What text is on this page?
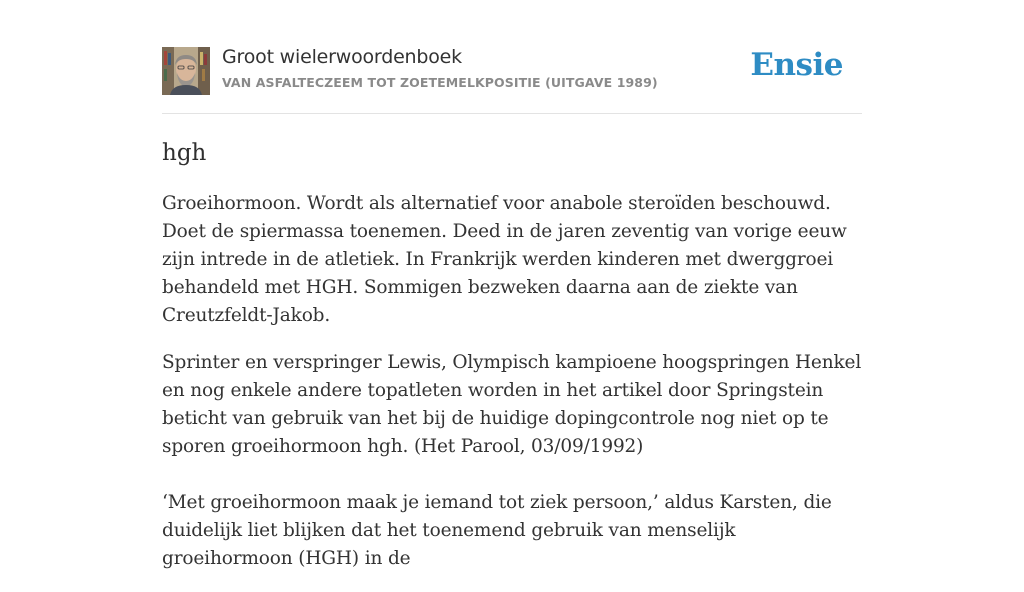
Groot wielerwoordenboek
VAN ASFALTECZEEM TOT ZOETEMELKPOSITIE (UITGAVE 1989)	Ensie
hgh

Groeihormoon. Wordt als alternatief voor anabole steroïden beschouwd. Doet de spiermassa toenemen. Deed in de jaren zeventig van vorige eeuw zijn intrede in de atletiek. In Frankrijk werden kinderen met dwerggroei behandeld met HGH. Sommigen bezweken daarna aan de ziekte van Creutzfeldt-Jakob.

Sprinter en verspringer Lewis, Olympisch kampioene hoogspringen Henkel en nog enkele andere topatleten worden in het artikel door Springstein beticht van gebruik van het bij de huidige dopingcontrole nog niet op te sporen groeihormoon hgh. (Het Parool, 03/09/1992)

‘Met groeihormoon maak je iemand tot ziek persoon,’ aldus Karsten, die duidelijk liet blijken dat het toenemend gebruik van menselijk groeihormoon (HGH) in de
